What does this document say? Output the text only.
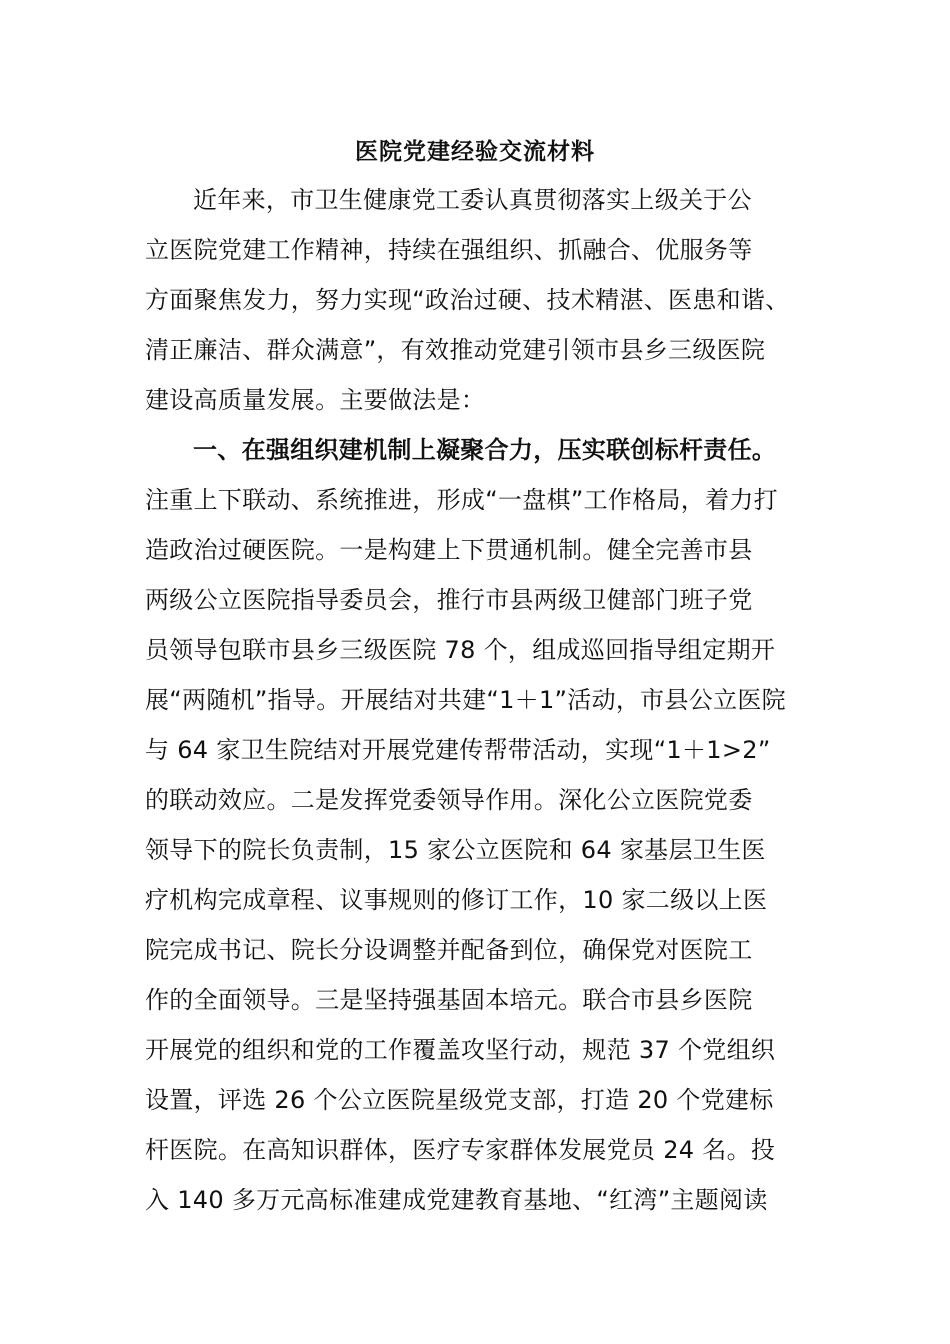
医院党建经验交流材料
近年来，市卫生健康党工委认真贯彻落实上级关于公
立医院党建工作精神，持续在强组织、抓融合、优服务等
方面聚焦发力，努力实现“政治过硬、技术精湛、医患和谐、
清正廉洁、群众满意”，有效推动党建引领市县乡三级医院
建设高质量发展。主要做法是：
一、在强组织建机制上凝聚合力，压实联创标杆责任。
注重上下联动、系统推进，形成“一盘棋”工作格局，着力打
造政治过硬医院。一是构建上下贯通机制。健全完善市县
两级公立医院指导委员会，推行市县两级卫健部门班子党
员领导包联市县乡三级医院 78 个，组成巡回指导组定期开
展“两随机”指导。开展结对共建“1＋1”活动，市县公立医院
与 64 家卫生院结对开展党建传帮带活动，实现“1＋1>2”
的联动效应。二是发挥党委领导作用。深化公立医院党委
领导下的院长负责制，15 家公立医院和 64 家基层卫生医
疗机构完成章程、议事规则的修订工作，10 家二级以上医
院完成书记、院长分设调整并配备到位，确保党对医院工
作的全面领导。三是坚持强基固本培元。联合市县乡医院
开展党的组织和党的工作覆盖攻坚行动，规范 37 个党组织
设置，评选 26 个公立医院星级党支部，打造 20 个党建标
杆医院。在高知识群体，医疗专家群体发展党员 24 名。投
入 140 多万元高标准建成党建教育基地、“红湾”主题阅读
